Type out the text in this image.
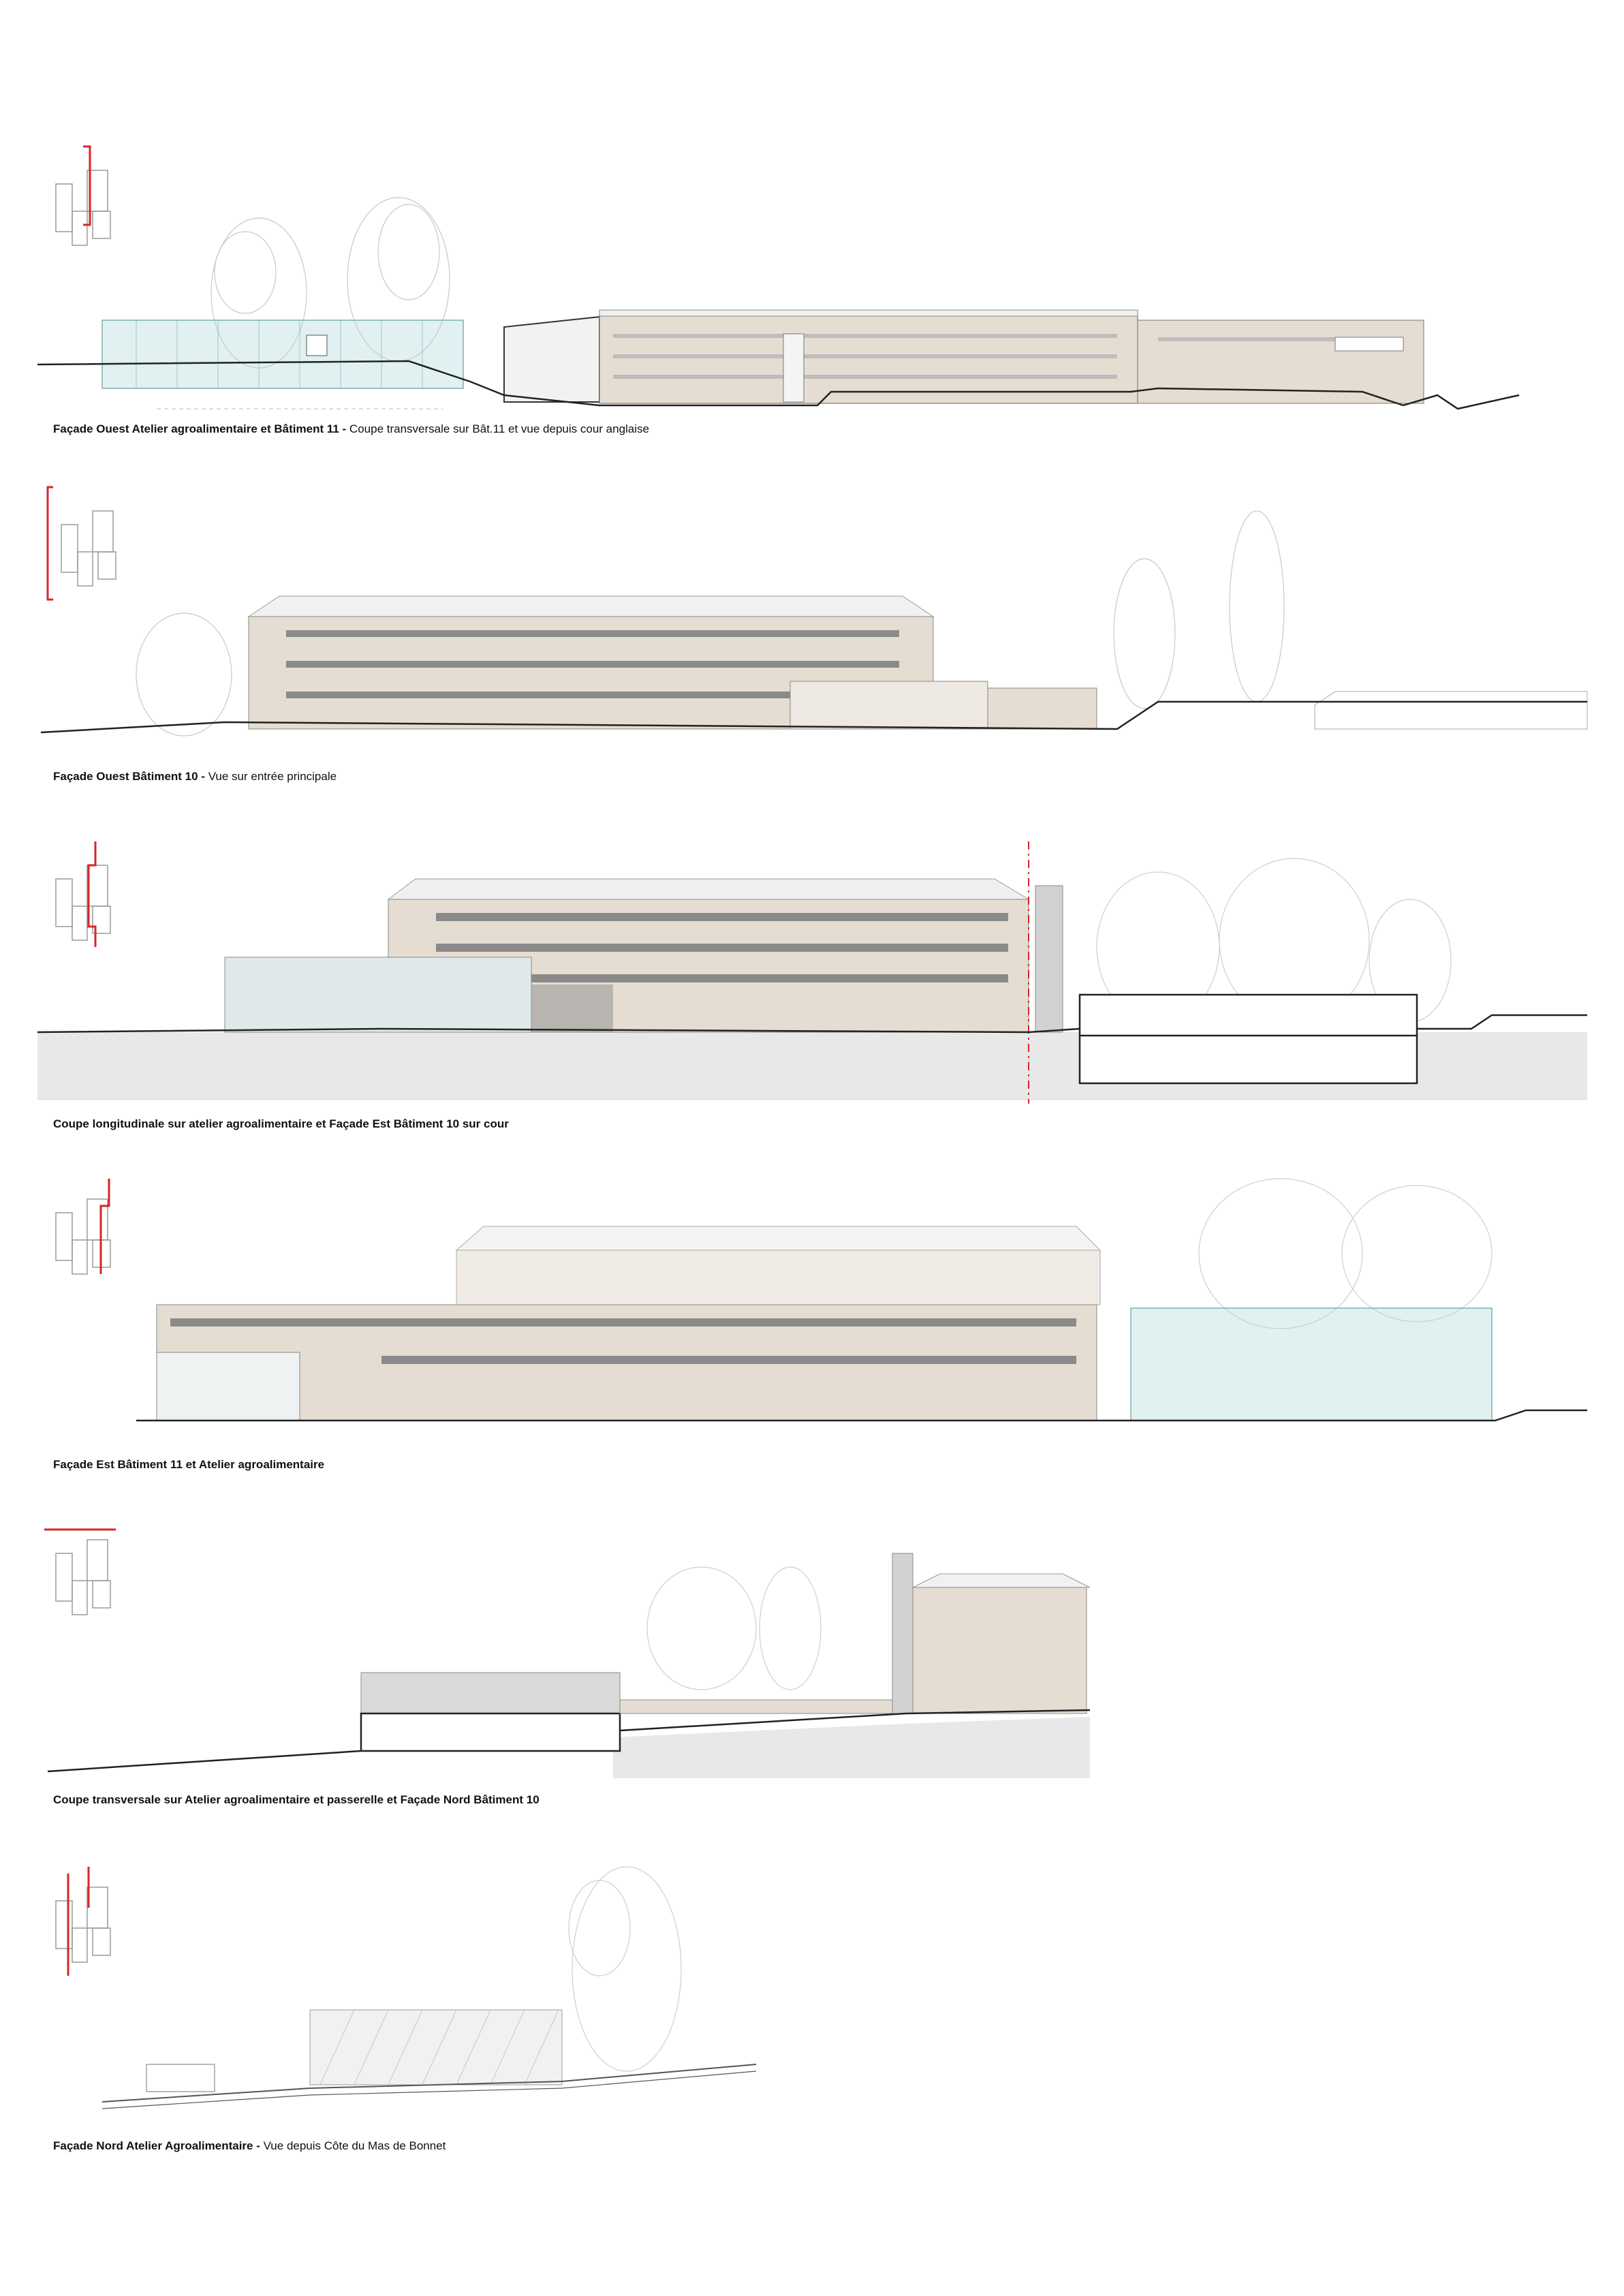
Façade Ouest Atelier agroalimentaire et Bâtiment 11 - Coupe transversale sur Bât.11 et vue depuis cour anglaise
Façade Ouest Bâtiment 10 - Vue sur entrée principale
Coupe longitudinale sur atelier agroalimentaire et Façade Est Bâtiment 10 sur cour
Façade Est Bâtiment 11 et Atelier agroalimentaire
Coupe transversale sur Atelier agroalimentaire et passerelle et Façade Nord Bâtiment 10
Façade Nord Atelier Agroalimentaire - Vue depuis Côte du Mas de Bonnet
